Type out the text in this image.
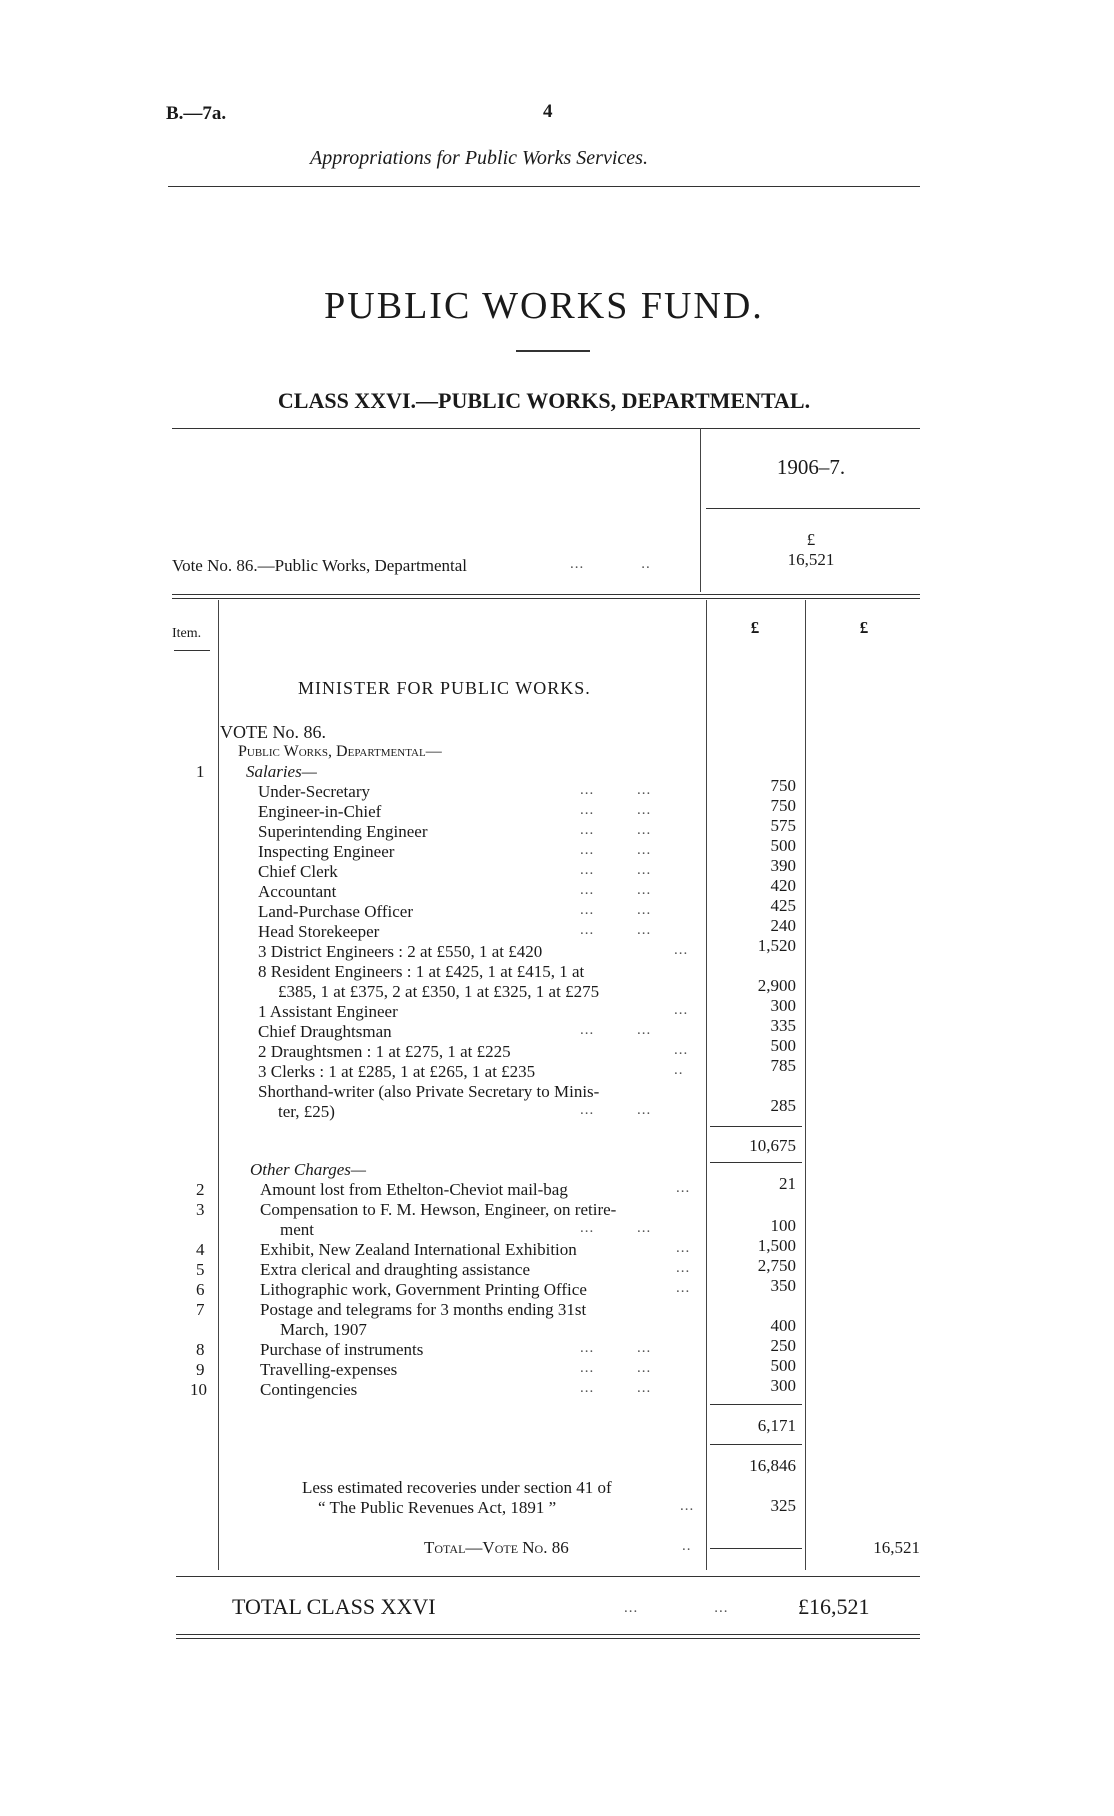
B.—7a.	4
Appropriations for Public Works Services.
PUBLIC WORKS FUND.
CLASS XXVI.—PUBLIC WORKS, DEPARTMENTAL.
1906–7.
£
Vote No. 86.—Public Works, Departmental	...            ..	16,521
Item.	£	£
MINISTER FOR PUBLIC WORKS.
VOTE No. 86.
Public Works, Departmental—
1 Salaries—
Under-Secretary	...         ...	750
Engineer-in-Chief	...         ...	750
Superintending Engineer	...         ...	575
Inspecting Engineer	...         ...	500
Chief Clerk	...         ...	390
Accountant	...         ...	420
Land-Purchase Officer	...         ...	425
Head Storekeeper	...         ...	240
3 District Engineers : 2 at £550, 1 at £420	...	1,520
8 Resident Engineers : 1 at £425, 1 at £415, 1 at
£385, 1 at £375, 2 at £350, 1 at £325, 1 at £275	2,900
1 Assistant Engineer	...	300
Chief Draughtsman	...         ...	335
2 Draughtsmen : 1 at £275, 1 at £225	...	500
3 Clerks : 1 at £285, 1 at £265, 1 at £235	..	785
Shorthand-writer (also Private Secretary to Minis-
ter, £25)	...         ...	285
10,675
Other Charges—
2	Amount lost from Ethelton-Cheviot mail-bag	...	21
3	Compensation to F. M. Hewson, Engineer, on retire-
ment	...         ...	100
4	Exhibit, New Zealand International Exhibition	...	1,500
5	Extra clerical and draughting assistance	...	2,750
6	Lithographic work, Government Printing Office	...	350
7	Postage and telegrams for 3 months ending 31st
March, 1907	400
8	Purchase of instruments	...         ...	250
9	Travelling-expenses	...         ...	500
10	Contingencies	...         ...	300
6,171
16,846
Less estimated recoveries under section 41 of
“ The Public Revenues Act, 1891 ”	...	325
Total—Vote No. 86	..	16,521
TOTAL CLASS XXVI	...                ...	£16,521
